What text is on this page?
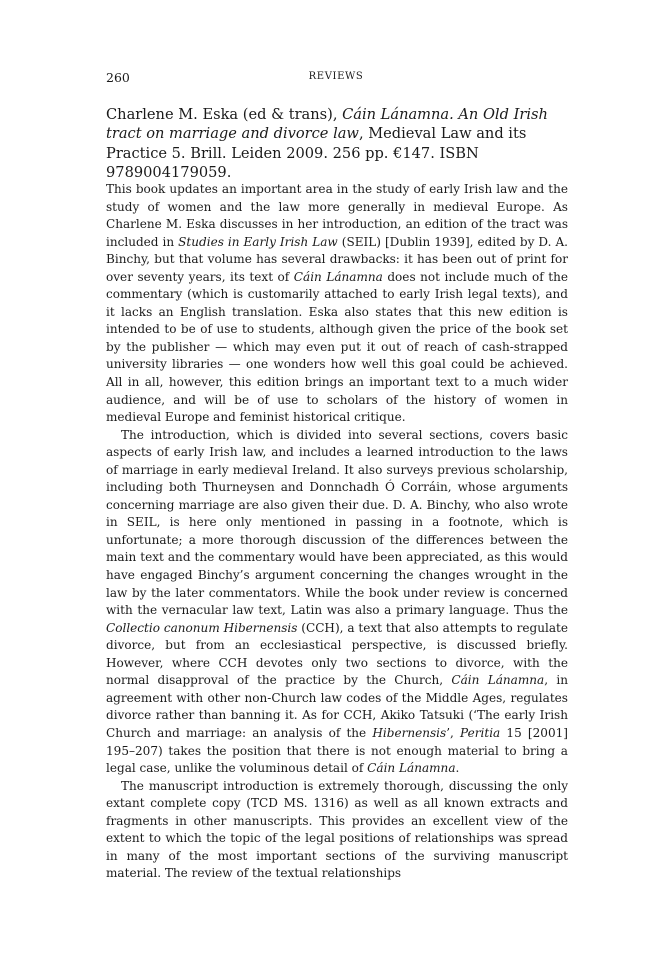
260	REVIEWS
Charlene M. Eska (ed & trans), Cáin Lánamna. An Old Irish tract on marriage and divorce law, Medieval Law and its Practice 5. Brill. Leiden 2009. 256 pp. €147. ISBN 9789004179059.

This book updates an important area in the study of early Irish law and the study of women and the law more generally in medieval Europe. As Charlene M. Eska discusses in her introduction, an edition of the tract was included in Studies in Early Irish Law (SEIL) [Dublin 1939], edited by D. A. Binchy, but that volume has several drawbacks: it has been out of print for over seventy years, its text of Cáin Lánamna does not include much of the commentary (which is customarily attached to early Irish legal texts), and it lacks an English translation. Eska also states that this new edition is intended to be of use to students, although given the price of the book set by the publisher — which may even put it out of reach of cash-strapped university libraries — one wonders how well this goal could be achieved. All in all, however, this edition brings an important text to a much wider audience, and will be of use to scholars of the history of women in medieval Europe and feminist historical critique.

The introduction, which is divided into several sections, covers basic aspects of early Irish law, and includes a learned introduction to the laws of marriage in early medieval Ireland. It also surveys previous scholarship, including both Thurneysen and Donnchadh Ó Corráin, whose arguments concerning marriage are also given their due. D. A. Binchy, who also wrote in SEIL, is here only mentioned in passing in a footnote, which is unfortunate; a more thorough discussion of the differences between the main text and the commentary would have been appreciated, as this would have engaged Binchy’s argument concerning the changes wrought in the law by the later commentators. While the book under review is concerned with the vernacular law text, Latin was also a primary language. Thus the Collectio canonum Hibernensis (CCH), a text that also attempts to regulate divorce, but from an ecclesiastical perspective, is discussed briefly. However, where CCH devotes only two sections to divorce, with the normal disapproval of the practice by the Church, Cáin Lánamna, in agreement with other non-Church law codes of the Middle Ages, regulates divorce rather than banning it. As for CCH, Akiko Tatsuki (‘The early Irish Church and marriage: an analysis of the Hibernensis’, Peritia 15 [2001] 195–207) takes the position that there is not enough material to bring a legal case, unlike the voluminous detail of Cáin Lánamna.

The manuscript introduction is extremely thorough, discussing the only extant complete copy (TCD MS. 1316) as well as all known extracts and fragments in other manuscripts. This provides an excellent view of the extent to which the topic of the legal positions of relationships was spread in many of the most important sections of the surviving manuscript material. The review of the textual relationships
